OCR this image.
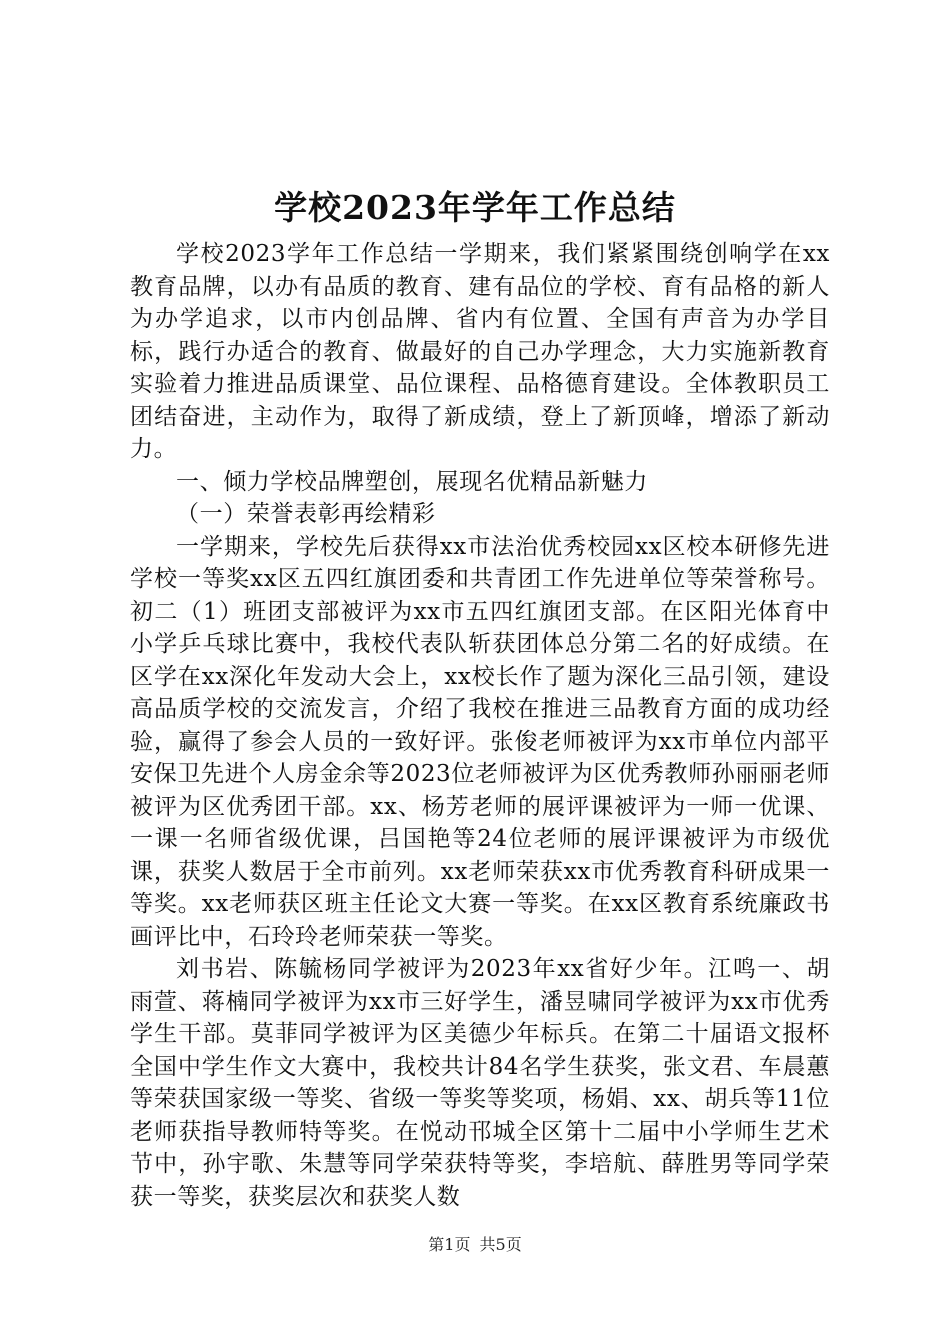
学校2023年学年工作总结

学校2023学年工作总结一学期来，我们紧紧围绕创响学在xx教育品牌，以办有品质的教育、建有品位的学校、育有品格的新人为办学追求，以市内创品牌、省内有位置、全国有声音为办学目标，践行办适合的教育、做最好的自己办学理念，大力实施新教育实验着力推进品质课堂、品位课程、品格德育建设。全体教职员工团结奋进，主动作为，取得了新成绩，登上了新顶峰，增添了新动力。

一、倾力学校品牌塑创，展现名优精品新魅力

（一）荣誉表彰再绘精彩

一学期来，学校先后获得xx市法治优秀校园xx区校本研修先进学校一等奖xx区五四红旗团委和共青团工作先进单位等荣誉称号。初二（1）班团支部被评为xx市五四红旗团支部。在区阳光体育中小学乒乓球比赛中，我校代表队斩获团体总分第二名的好成绩。在区学在xx深化年发动大会上，xx校长作了题为深化三品引领，建设高品质学校的交流发言，介绍了我校在推进三品教育方面的成功经验，赢得了参会人员的一致好评。张俊老师被评为xx市单位内部平安保卫先进个人房金余等2023位老师被评为区优秀教师孙丽丽老师被评为区优秀团干部。xx、杨芳老师的展评课被评为一师一优课、一课一名师省级优课，吕国艳等24位老师的展评课被评为市级优课，获奖人数居于全市前列。xx老师荣获xx市优秀教育科研成果一等奖。xx老师获区班主任论文大赛一等奖。在xx区教育系统廉政书画评比中，石玲玲老师荣获一等奖。

刘书岩、陈毓杨同学被评为2023年xx省好少年。江鸣一、胡雨萱、蒋楠同学被评为xx市三好学生，潘昱啸同学被评为xx市优秀学生干部。莫菲同学被评为区美德少年标兵。在第二十届语文报杯全国中学生作文大赛中，我校共计84名学生获奖，张文君、车晨蕙等荣获国家级一等奖、省级一等奖等奖项，杨娟、xx、胡兵等11位老师获指导教师特等奖。在悦动邗城全区第十二届中小学师生艺术节中，孙宇歌、朱慧等同学荣获特等奖，李培航、薛胜男等同学荣获一等奖，获奖层次和获奖人数

第1页 共5页
